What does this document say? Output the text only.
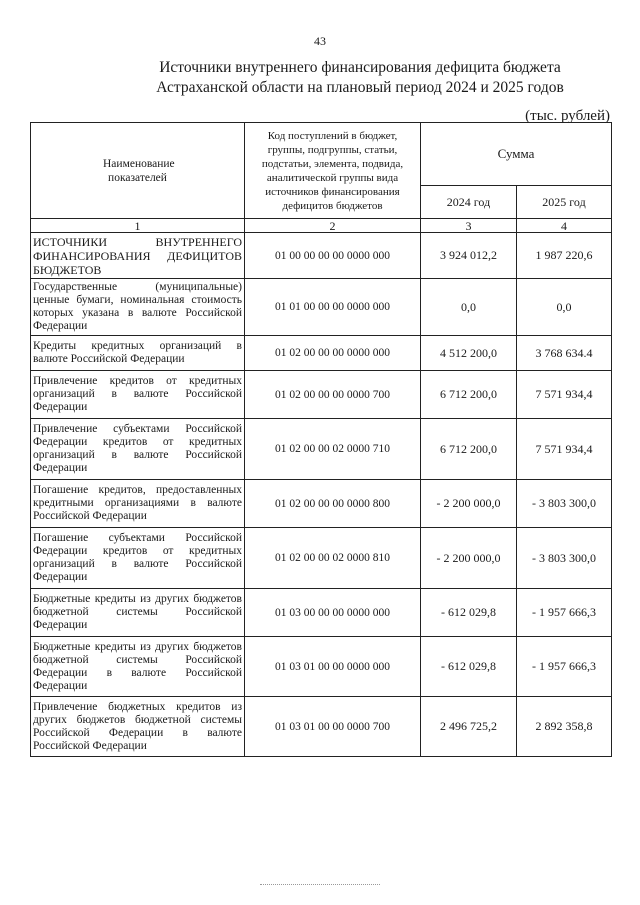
43
Источники внутреннего финансирования дефицита бюджета
Астраханской области на плановый период 2024 и 2025 годов
(тыс. рублей)
Наименование показателей	Код поступлений в бюджет, группы, подгруппы, статьи, подстатьи, элемента, подвида, аналитической группы вида источников финансирования дефицитов бюджетов	Сумма	
		2024 год	2025 год
1	2	3	4
ИСТОЧНИКИ ВНУТРЕННЕГО ФИНАНСИРОВАНИЯ ДЕФИЦИТОВ БЮДЖЕТОВ	01 00 00 00 00 0000 000	3 924 012,2	1 987 220,6
Государственные (муниципальные) ценные бумаги, номинальная стоимость которых указана в валюте Российской Федерации	01 01 00 00 00 0000 000	0,0	0,0
Кредиты кредитных организаций в валюте Российской Федерации	01 02 00 00 00 0000 000	4 512 200,0	3 768 634.4
Привлечение кредитов от кредитных организаций в валюте Российской Федерации	01 02 00 00 00 0000 700	6 712 200,0	7 571 934,4
Привлечение субъектами Российской Федерации кредитов от кредитных организаций в валюте Российской Федерации	01 02 00 00 02 0000 710	6 712 200,0	7 571 934,4
Погашение кредитов, предоставленных кредитными организациями в валюте Российской Федерации	01 02 00 00 00 0000 800	- 2 200 000,0	- 3 803 300,0
Погашение субъектами Российской Федерации кредитов от кредитных организаций в валюте Российской Федерации	01 02 00 00 02 0000 810	- 2 200 000,0	- 3 803 300,0
Бюджетные кредиты из других бюджетов бюджетной системы Российской Федерации	01 03 00 00 00 0000 000	- 612 029,8	- 1 957 666,3
Бюджетные кредиты из других бюджетов бюджетной системы Российской Федерации в валюте Российской Федерации	01 03 01 00 00 0000 000	- 612 029,8	- 1 957 666,3
Привлечение бюджетных кредитов из других бюджетов бюджетной системы Российской Федерации в валюте Российской Федерации	01 03 01 00 00 0000 700	2 496 725,2	2 892 358,8
